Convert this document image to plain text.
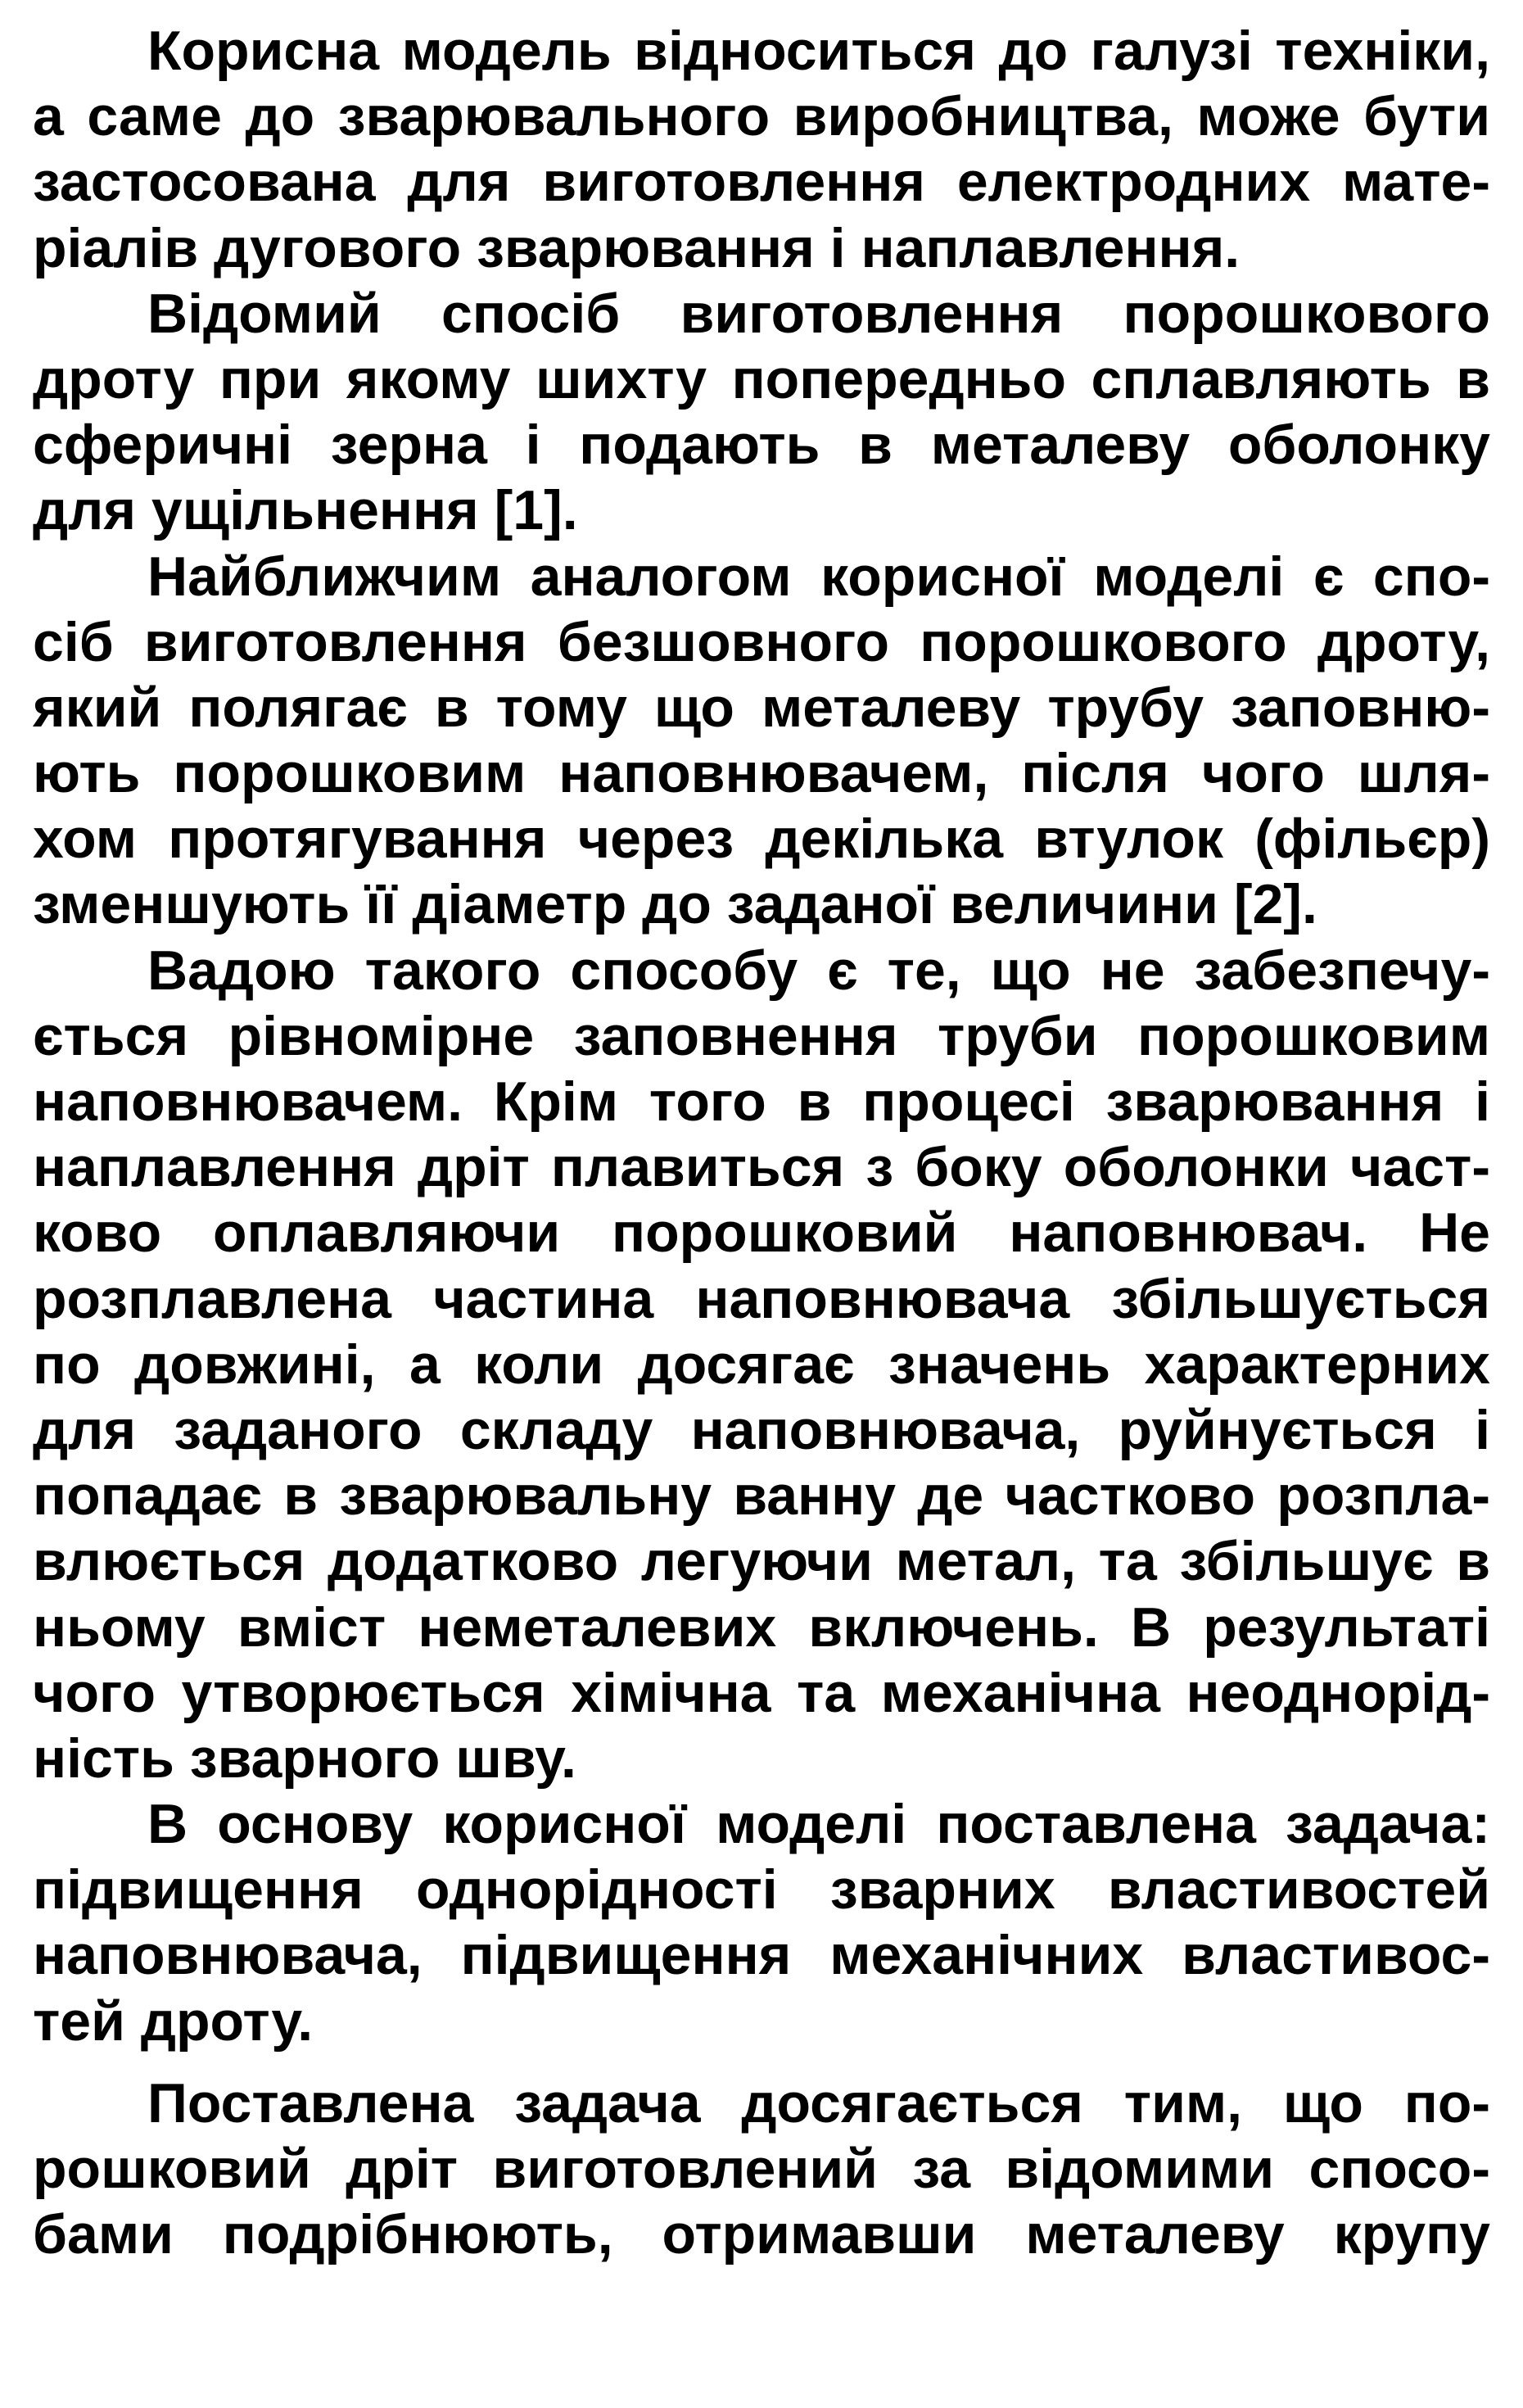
Корисна модель відноситься до галузі техніки,
а саме до зварювального виробництва, може бути
застосована для виготовлення електродних мате-
ріалів дугового зварювання і наплавлення.
Відомий спосіб виготовлення порошкового
дроту при якому шихту попередньо сплавляють в
сферичні зерна і подають в металеву оболонку
для ущільнення [1].
Найближчим аналогом корисної моделі є спо-
сіб виготовлення безшовного порошкового дроту,
який полягає в тому що металеву трубу заповню-
ють порошковим наповнювачем, після чого шля-
хом протягування через декілька втулок (фільєр)
зменшують її діаметр до заданої величини [2].
Вадою такого способу є те, що не забезпечу-
ється рівномірне заповнення труби порошковим
наповнювачем. Крім того в процесі зварювання і
наплавлення дріт плавиться з боку оболонки част-
ково оплавляючи порошковий наповнювач. Не
розплавлена частина наповнювача збільшується
по довжині, а коли досягає значень характерних
для заданого складу наповнювача, руйнується і
попадає в зварювальну ванну де частково розпла-
влюється додатково легуючи метал, та збільшує в
ньому вміст неметалевих включень. В результаті
чого утворюється хімічна та механічна неоднорід-
ність зварного шву.
В основу корисної моделі поставлена задача:
підвищення однорідності зварних властивостей
наповнювача, підвищення механічних властивос-
тей дроту.
Поставлена задача досягається тим, що по-
рошковий дріт виготовлений за відомими спосо-
бами подрібнюють, отримавши металеву крупу
